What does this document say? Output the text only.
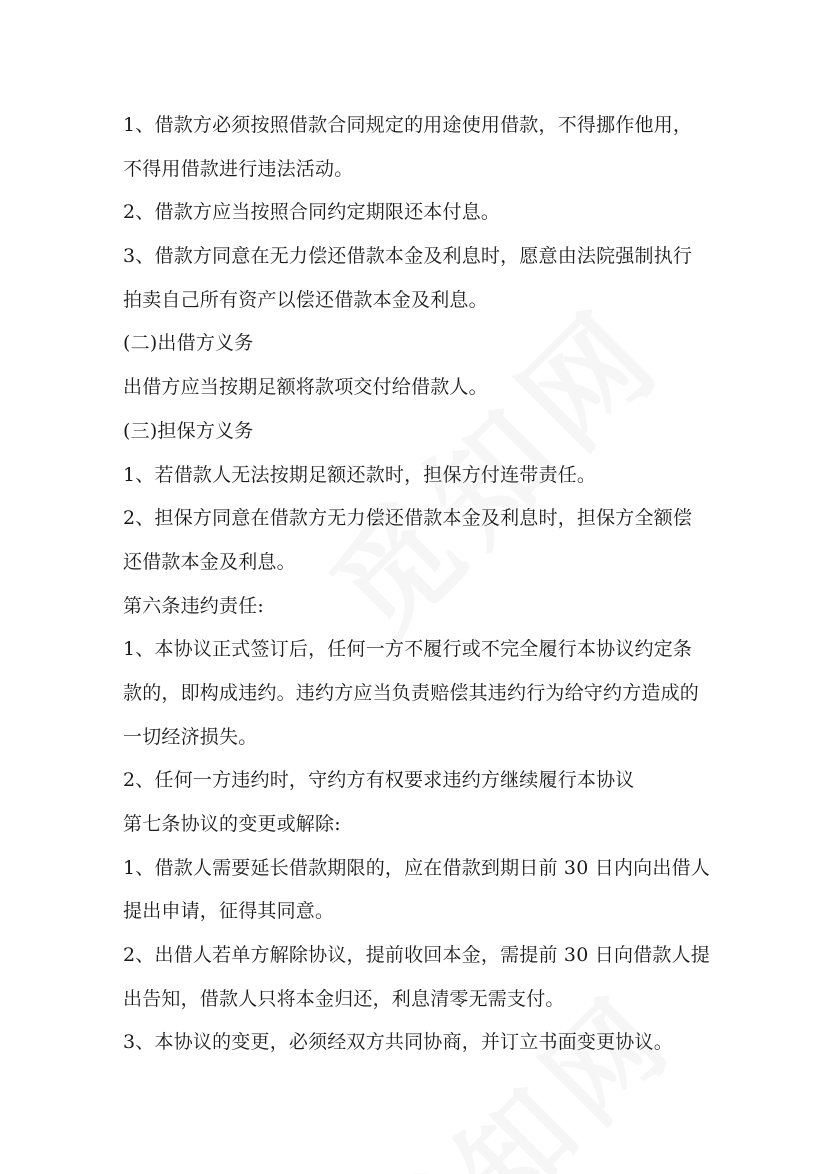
1、借款方必须按照借款合同规定的用途使用借款，不得挪作他用，

不得用借款进行违法活动。

2、借款方应当按照合同约定期限还本付息。

3、借款方同意在无力偿还借款本金及利息时，愿意由法院强制执行

拍卖自己所有资产以偿还借款本金及利息。

(二)出借方义务

出借方应当按期足额将款项交付给借款人。

(三)担保方义务

1、若借款人无法按期足额还款时，担保方付连带责任。

2、担保方同意在借款方无力偿还借款本金及利息时，担保方全额偿

还借款本金及利息。

第六条违约责任:

1、本协议正式签订后，任何一方不履行或不完全履行本协议约定条

款的，即构成违约。违约方应当负责赔偿其违约行为给守约方造成的

一切经济损失。

2、任何一方违约时，守约方有权要求违约方继续履行本协议

第七条协议的变更或解除:

1、借款人需要延长借款期限的，应在借款到期日前 30 日内向出借人

提出申请，征得其同意。

2、出借人若单方解除协议，提前收回本金，需提前 30 日向借款人提

出告知，借款人只将本金归还，利息清零无需支付。

3、本协议的变更，必须经双方共同协商，并订立书面变更协议。
